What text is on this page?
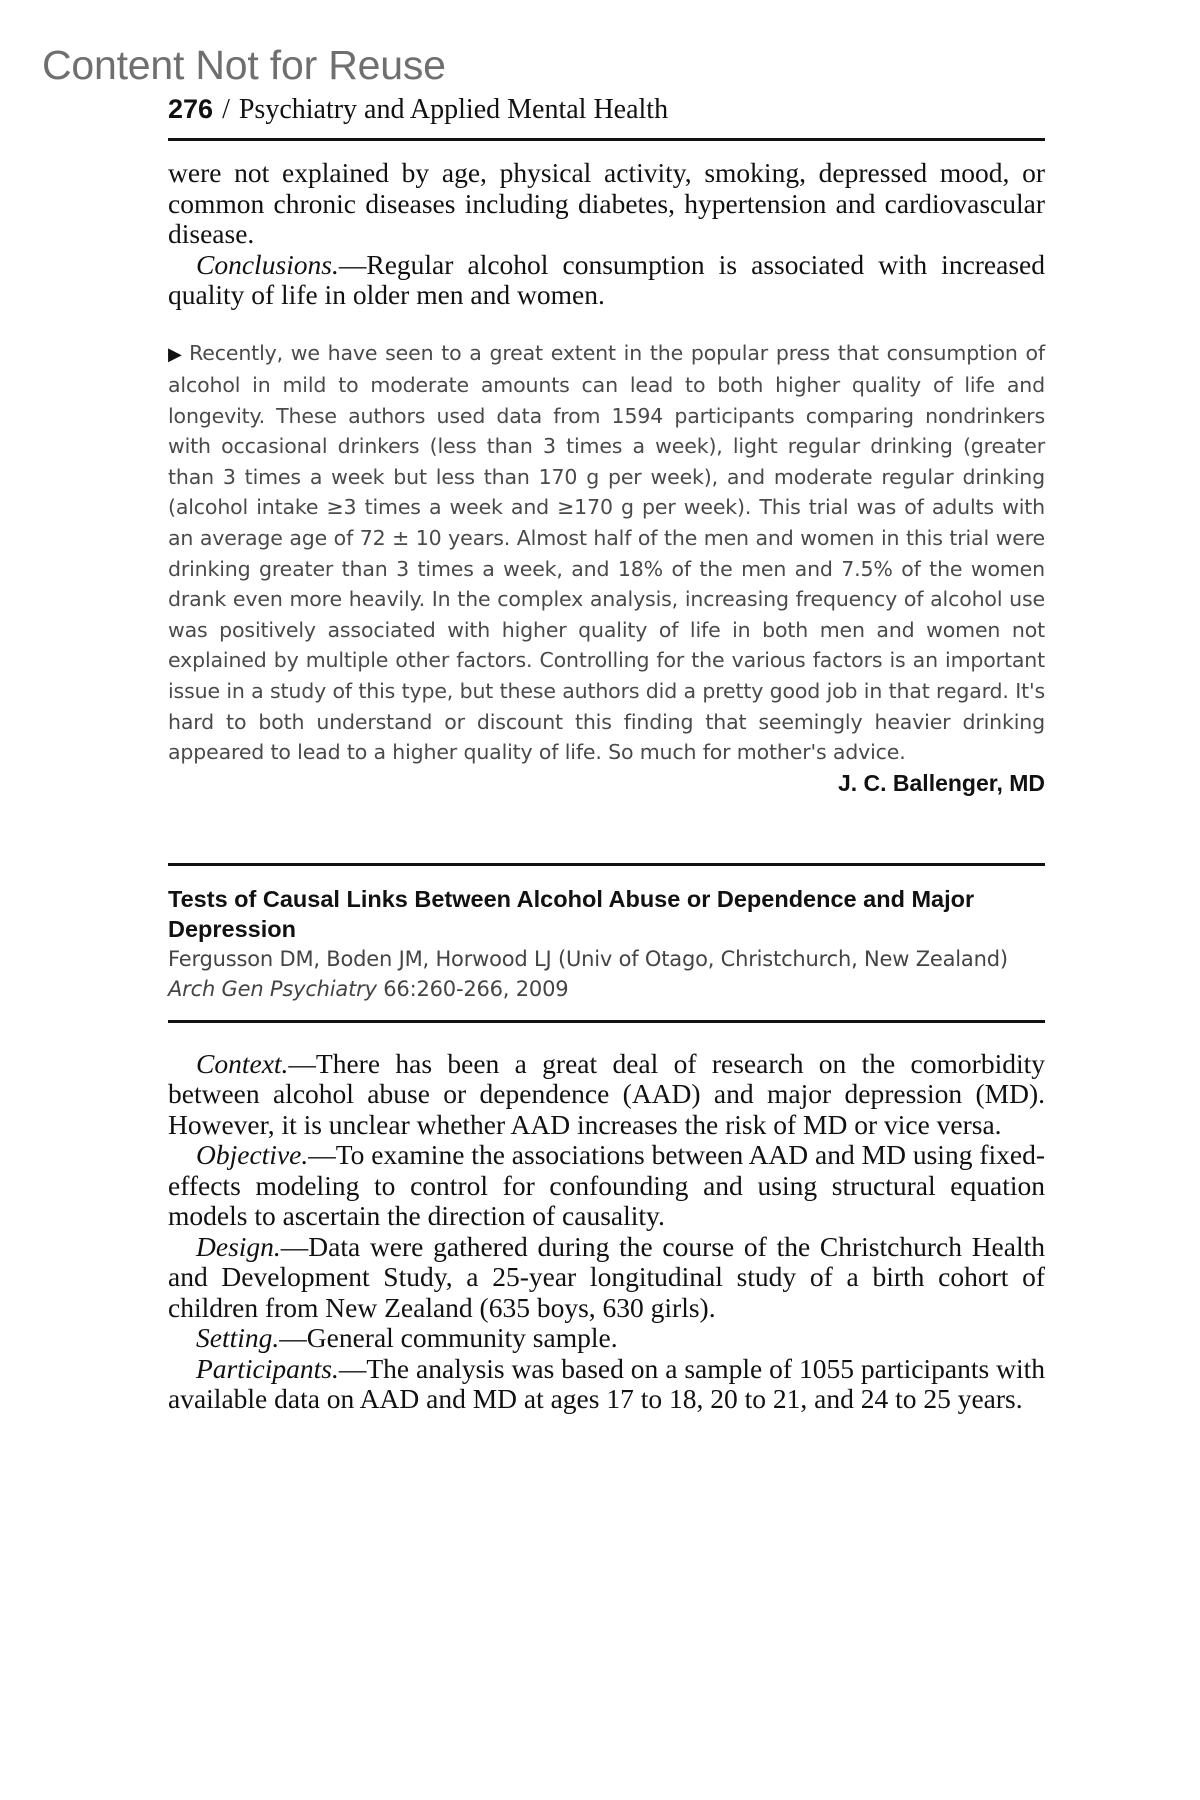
Content Not for Reuse
276 / Psychiatry and Applied Mental Health

were not explained by age, physical activity, smoking, depressed mood, or common chronic diseases including diabetes, hypertension and cardiovascular disease.

Conclusions.—Regular alcohol consumption is associated with increased quality of life in older men and women.

▶ Recently, we have seen to a great extent in the popular press that consumption of alcohol in mild to moderate amounts can lead to both higher quality of life and longevity. These authors used data from 1594 participants comparing nondrinkers with occasional drinkers (less than 3 times a week), light regular drinking (greater than 3 times a week but less than 170 g per week), and moderate regular drinking (alcohol intake ≥3 times a week and ≥170 g per week). This trial was of adults with an average age of 72 ± 10 years. Almost half of the men and women in this trial were drinking greater than 3 times a week, and 18% of the men and 7.5% of the women drank even more heavily. In the complex analysis, increasing frequency of alcohol use was positively associated with higher quality of life in both men and women not explained by multiple other factors. Controlling for the various factors is an important issue in a study of this type, but these authors did a pretty good job in that regard. It's hard to both understand or discount this finding that seemingly heavier drinking appeared to lead to a higher quality of life. So much for mother's advice.

J. C. Ballenger, MD

Tests of Causal Links Between Alcohol Abuse or Dependence and Major Depression

Fergusson DM, Boden JM, Horwood LJ (Univ of Otago, Christchurch, New Zealand)

Arch Gen Psychiatry 66:260-266, 2009

Context.—There has been a great deal of research on the comorbidity between alcohol abuse or dependence (AAD) and major depression (MD). However, it is unclear whether AAD increases the risk of MD or vice versa.

Objective.—To examine the associations between AAD and MD using fixed-effects modeling to control for confounding and using structural equation models to ascertain the direction of causality.

Design.—Data were gathered during the course of the Christchurch Health and Development Study, a 25-year longitudinal study of a birth cohort of children from New Zealand (635 boys, 630 girls).

Setting.—General community sample.

Participants.—The analysis was based on a sample of 1055 participants with available data on AAD and MD at ages 17 to 18, 20 to 21, and 24 to 25 years.
